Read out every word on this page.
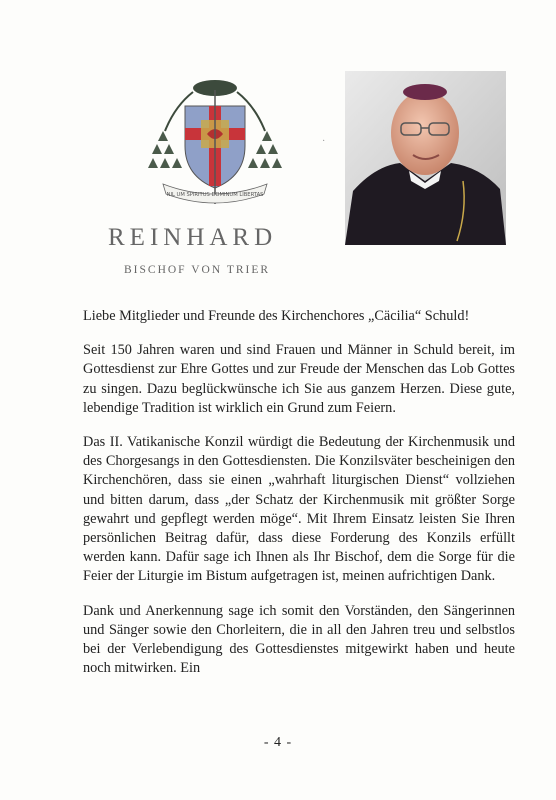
NIL UM SPIRITUS DOMINUM LIBERTAS
REINHARD
BISCHOF VON TRIER
·

Liebe Mitglieder und Freunde des Kirchenchores „Cäcilia“ Schuld!

Seit 150 Jahren waren und sind Frauen und Männer in Schuld bereit, im Gottesdienst zur Ehre Gottes und zur Freude der Menschen das Lob Gottes zu singen. Dazu beglückwünsche ich Sie aus ganzem Herzen. Diese gute, lebendige Tradition ist wirklich ein Grund zum Feiern.

Das II. Vatikanische Konzil würdigt die Bedeutung der Kirchenmusik und des Chorgesangs in den Gottesdiensten. Die Konzilsväter bescheinigen den Kirchenchören, dass sie einen „wahrhaft liturgischen Dienst“ vollziehen und bitten darum, dass „der Schatz der Kirchenmusik mit größter Sorge gewahrt und gepflegt werden möge“. Mit Ihrem Einsatz leisten Sie Ihren persönlichen Beitrag dafür, dass diese Forderung des Konzils erfüllt werden kann. Dafür sage ich Ihnen als Ihr Bischof, dem die Sorge für die Feier der Liturgie im Bistum aufgetragen ist, meinen aufrichtigen Dank.

Dank und Anerkennung sage ich somit den Vorständen, den Sängerinnen und Sänger sowie den Chorleitern, die in all den Jahren treu und selbstlos bei der Verlebendigung des Gottesdienstes mitgewirkt haben und heute noch mitwirken. Ein

- 4 -
